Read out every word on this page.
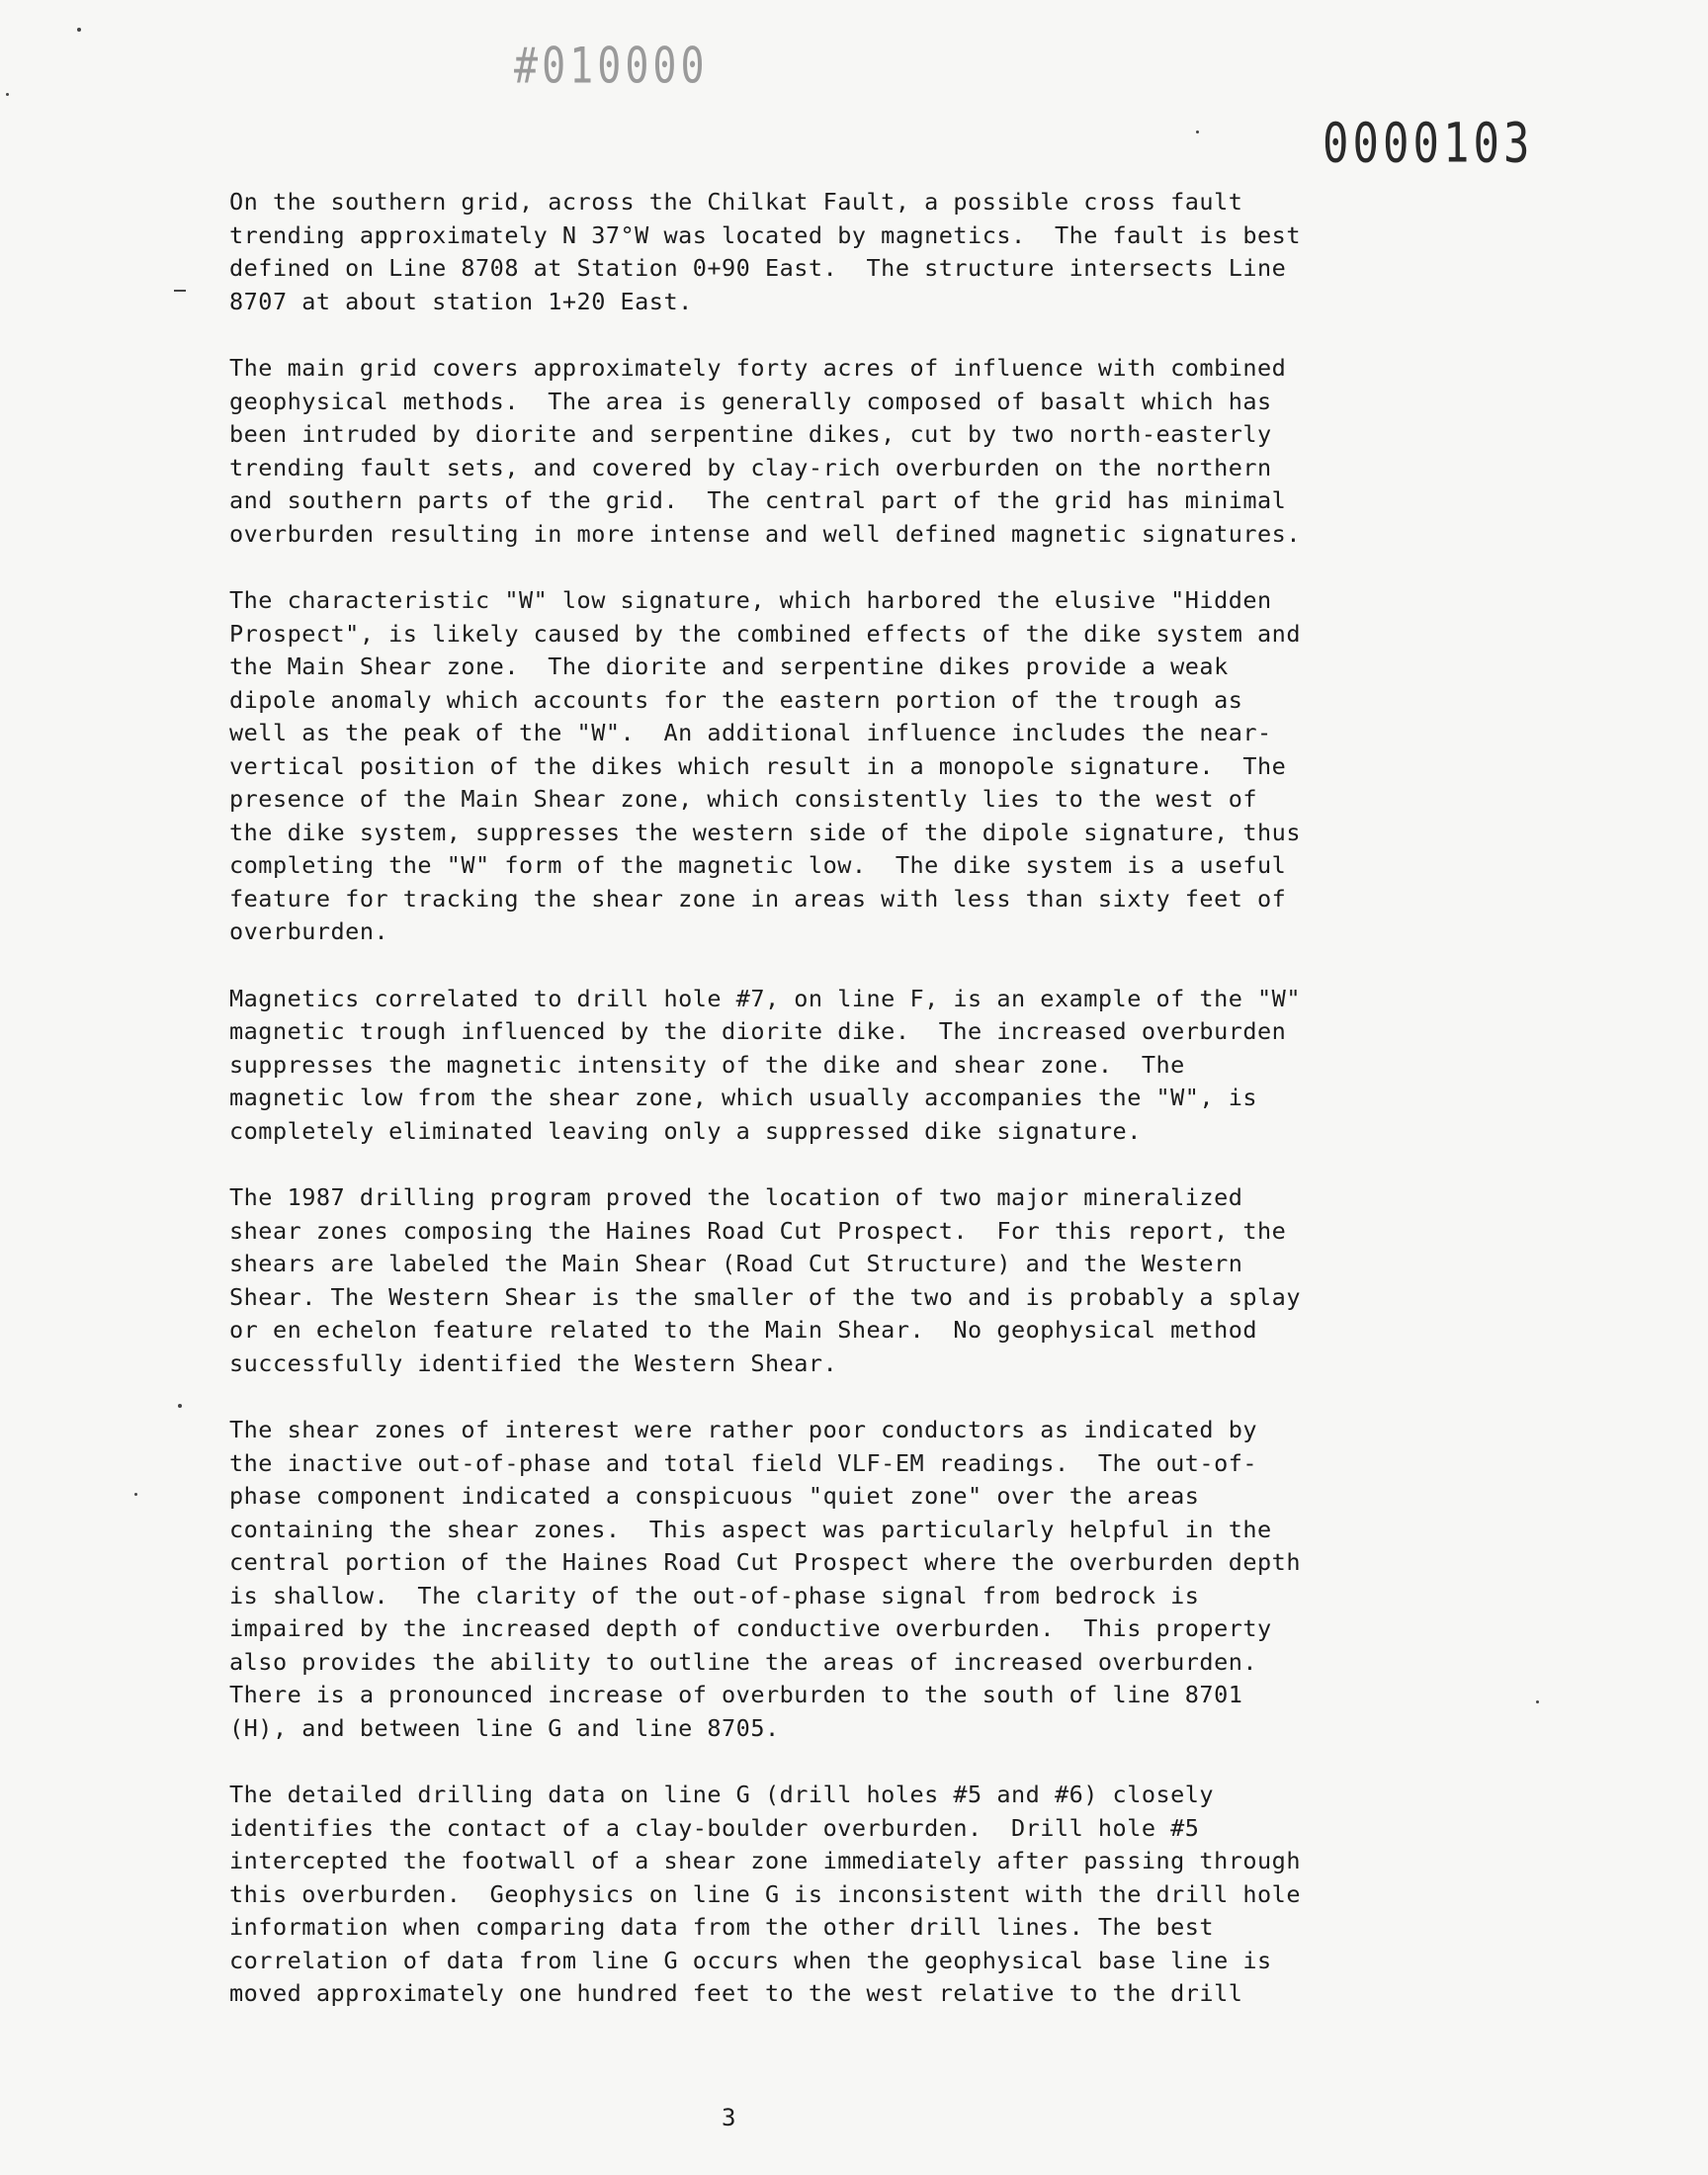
#010000
0000103
On the southern grid, across the Chilkat Fault, a possible cross fault
trending approximately N 37°W was located by magnetics.  The fault is best
defined on Line 8708 at Station 0+90 East.  The structure intersects Line
8707 at about station 1+20 East.
The main grid covers approximately forty acres of influence with combined
geophysical methods.  The area is generally composed of basalt which has
been intruded by diorite and serpentine dikes, cut by two north-easterly
trending fault sets, and covered by clay-rich overburden on the northern
and southern parts of the grid.  The central part of the grid has minimal
overburden resulting in more intense and well defined magnetic signatures.
The characteristic "W" low signature, which harbored the elusive "Hidden
Prospect", is likely caused by the combined effects of the dike system and
the Main Shear zone.  The diorite and serpentine dikes provide a weak
dipole anomaly which accounts for the eastern portion of the trough as
well as the peak of the "W".  An additional influence includes the near-
vertical position of the dikes which result in a monopole signature.  The
presence of the Main Shear zone, which consistently lies to the west of
the dike system, suppresses the western side of the dipole signature, thus
completing the "W" form of the magnetic low.  The dike system is a useful
feature for tracking the shear zone in areas with less than sixty feet of
overburden.
Magnetics correlated to drill hole #7, on line F, is an example of the "W"
magnetic trough influenced by the diorite dike.  The increased overburden
suppresses the magnetic intensity of the dike and shear zone.  The
magnetic low from the shear zone, which usually accompanies the "W", is
completely eliminated leaving only a suppressed dike signature.
The 1987 drilling program proved the location of two major mineralized
shear zones composing the Haines Road Cut Prospect.  For this report, the
shears are labeled the Main Shear (Road Cut Structure) and the Western
Shear. The Western Shear is the smaller of the two and is probably a splay
or en echelon feature related to the Main Shear.  No geophysical method
successfully identified the Western Shear.
The shear zones of interest were rather poor conductors as indicated by
the inactive out-of-phase and total field VLF-EM readings.  The out-of-
phase component indicated a conspicuous "quiet zone" over the areas
containing the shear zones.  This aspect was particularly helpful in the
central portion of the Haines Road Cut Prospect where the overburden depth
is shallow.  The clarity of the out-of-phase signal from bedrock is
impaired by the increased depth of conductive overburden.  This property
also provides the ability to outline the areas of increased overburden.
There is a pronounced increase of overburden to the south of line 8701
(H), and between line G and line 8705.
The detailed drilling data on line G (drill holes #5 and #6) closely
identifies the contact of a clay-boulder overburden.  Drill hole #5
intercepted the footwall of a shear zone immediately after passing through
this overburden.  Geophysics on line G is inconsistent with the drill hole
information when comparing data from the other drill lines. The best
correlation of data from line G occurs when the geophysical base line is
moved approximately one hundred feet to the west relative to the drill
3
